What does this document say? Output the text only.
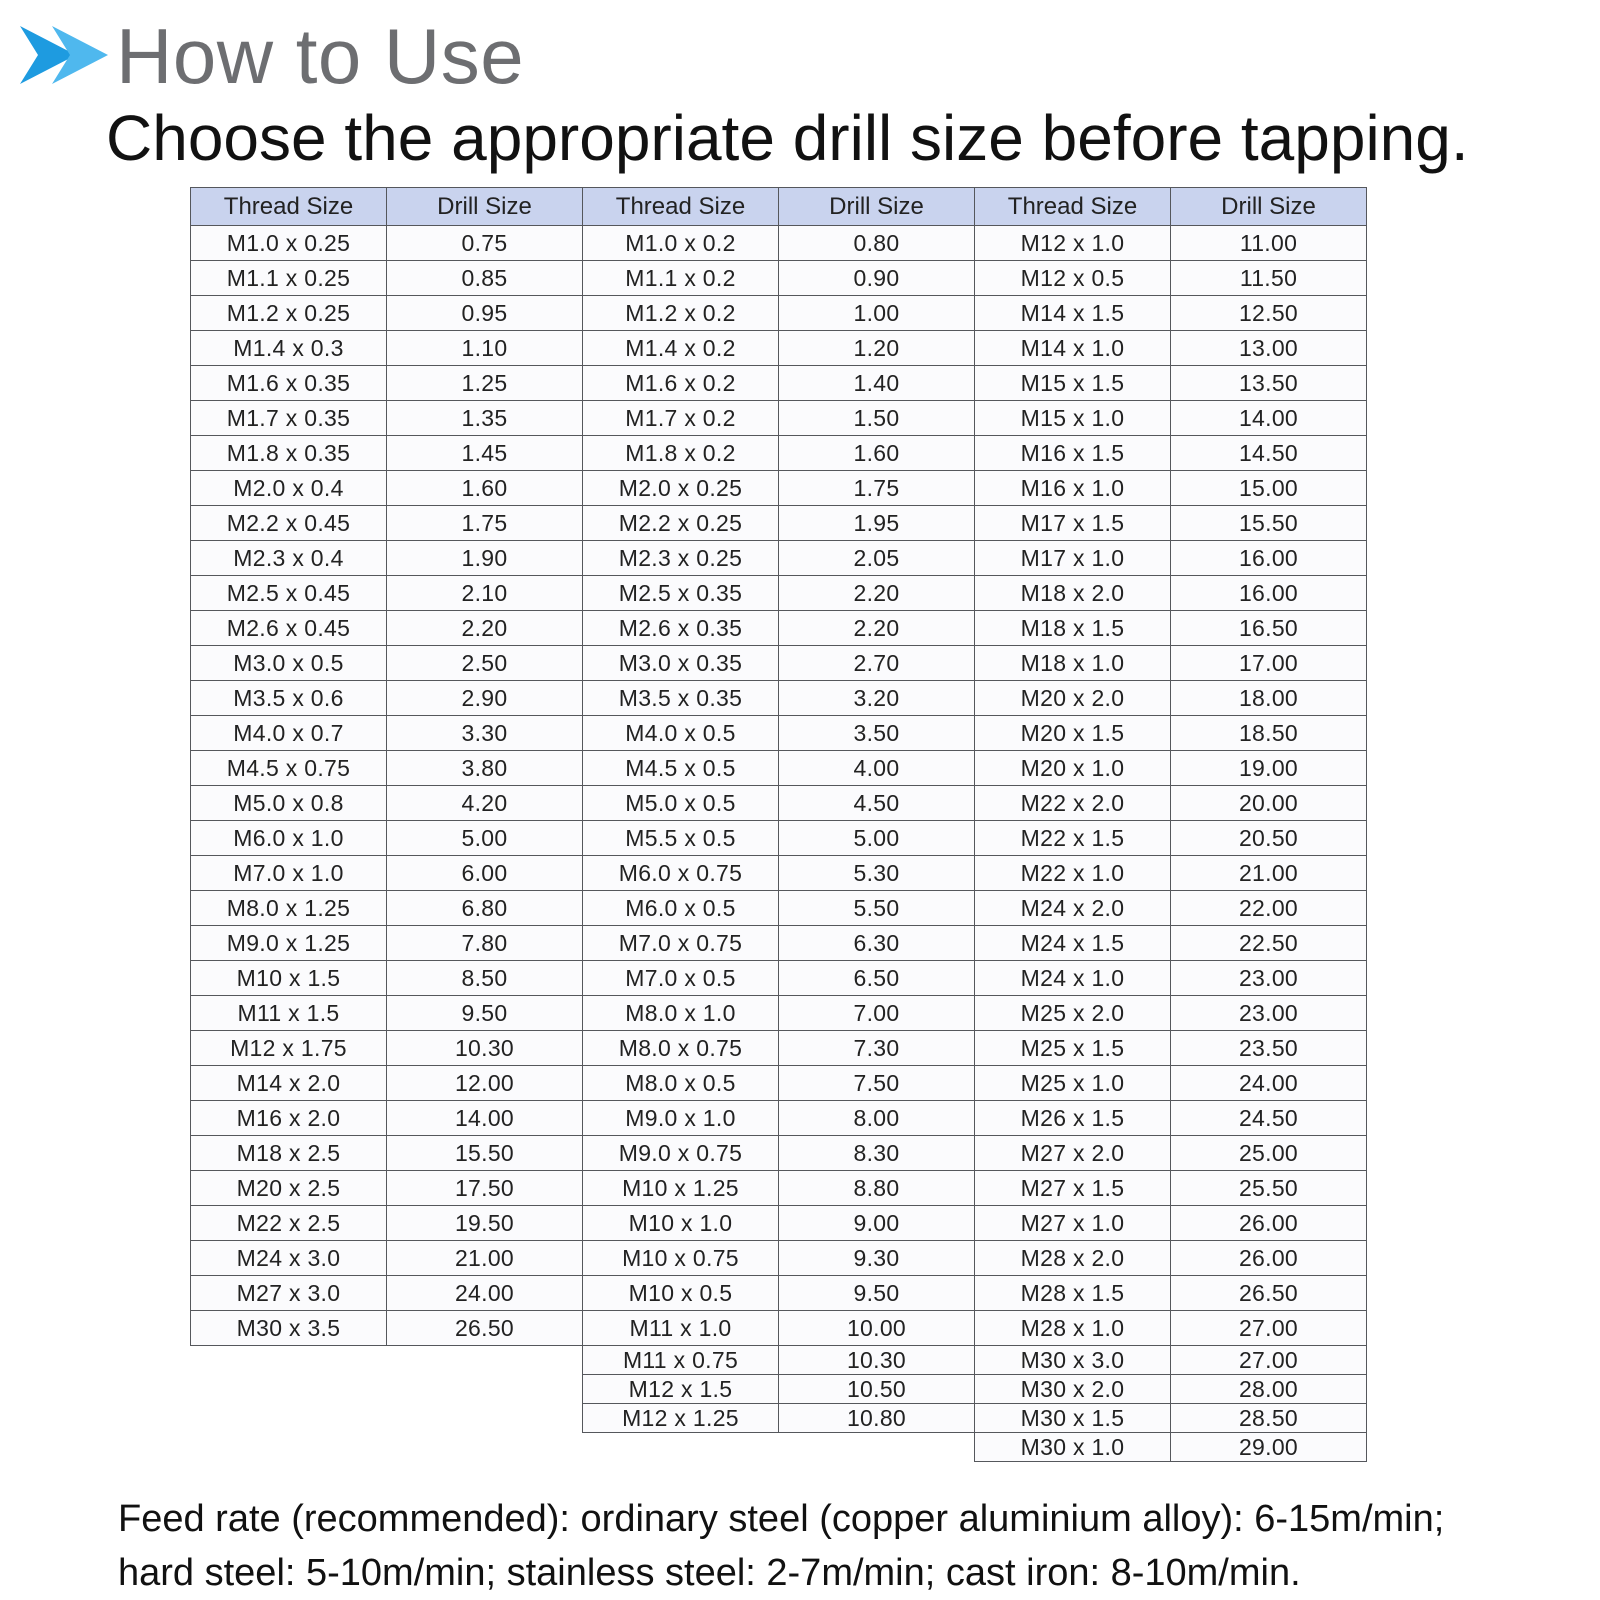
How to Use
Choose the appropriate drill size before tapping.
Thread Size	Drill Size
M1.0 x 0.25	0.75
M1.1 x 0.25	0.85
M1.2 x 0.25	0.95
M1.4 x 0.3	1.10
M1.6 x 0.35	1.25
M1.7 x 0.35	1.35
M1.8 x 0.35	1.45
M2.0 x 0.4	1.60
M2.2 x 0.45	1.75
M2.3 x 0.4	1.90
M2.5 x 0.45	2.10
M2.6 x 0.45	2.20
M3.0 x 0.5	2.50
M3.5 x 0.6	2.90
M4.0 x 0.7	3.30
M4.5 x 0.75	3.80
M5.0 x 0.8	4.20
M6.0 x 1.0	5.00
M7.0 x 1.0	6.00
M8.0 x 1.25	6.80
M9.0 x 1.25	7.80
M10 x 1.5	8.50
M11 x 1.5	9.50
M12 x 1.75	10.30
M14 x 2.0	12.00
M16 x 2.0	14.00
M18 x 2.5	15.50
M20 x 2.5	17.50
M22 x 2.5	19.50
M24 x 3.0	21.00
M27 x 3.0	24.00
M30 x 3.5	26.50
Thread Size	Drill Size
M1.0 x 0.2	0.80
M1.1 x 0.2	0.90
M1.2 x 0.2	1.00
M1.4 x 0.2	1.20
M1.6 x 0.2	1.40
M1.7 x 0.2	1.50
M1.8 x 0.2	1.60
M2.0 x 0.25	1.75
M2.2 x 0.25	1.95
M2.3 x 0.25	2.05
M2.5 x 0.35	2.20
M2.6 x 0.35	2.20
M3.0 x 0.35	2.70
M3.5 x 0.35	3.20
M4.0 x 0.5	3.50
M4.5 x 0.5	4.00
M5.0 x 0.5	4.50
M5.5 x 0.5	5.00
M6.0 x 0.75	5.30
M6.0 x 0.5	5.50
M7.0 x 0.75	6.30
M7.0 x 0.5	6.50
M8.0 x 1.0	7.00
M8.0 x 0.75	7.30
M8.0 x 0.5	7.50
M9.0 x 1.0	8.00
M9.0 x 0.75	8.30
M10 x 1.25	8.80
M10 x 1.0	9.00
M10 x 0.75	9.30
M10 x 0.5	9.50
M11 x 1.0	10.00
M11 x 0.75	10.30
M12 x 1.5	10.50
M12 x 1.25	10.80
Thread Size	Drill Size
M12 x 1.0	11.00
M12 x 0.5	11.50
M14 x 1.5	12.50
M14 x 1.0	13.00
M15 x 1.5	13.50
M15 x 1.0	14.00
M16 x 1.5	14.50
M16 x 1.0	15.00
M17 x 1.5	15.50
M17 x 1.0	16.00
M18 x 2.0	16.00
M18 x 1.5	16.50
M18 x 1.0	17.00
M20 x 2.0	18.00
M20 x 1.5	18.50
M20 x 1.0	19.00
M22 x 2.0	20.00
M22 x 1.5	20.50
M22 x 1.0	21.00
M24 x 2.0	22.00
M24 x 1.5	22.50
M24 x 1.0	23.00
M25 x 2.0	23.00
M25 x 1.5	23.50
M25 x 1.0	24.00
M26 x 1.5	24.50
M27 x 2.0	25.00
M27 x 1.5	25.50
M27 x 1.0	26.00
M28 x 2.0	26.00
M28 x 1.5	26.50
M28 x 1.0	27.00
M30 x 3.0	27.00
M30 x 2.0	28.00
M30 x 1.5	28.50
M30 x 1.0	29.00

Feed rate (recommended): ordinary steel (copper aluminium alloy): 6-15m/min;
hard steel: 5-10m/min; stainless steel: 2-7m/min; cast iron: 8-10m/min.
